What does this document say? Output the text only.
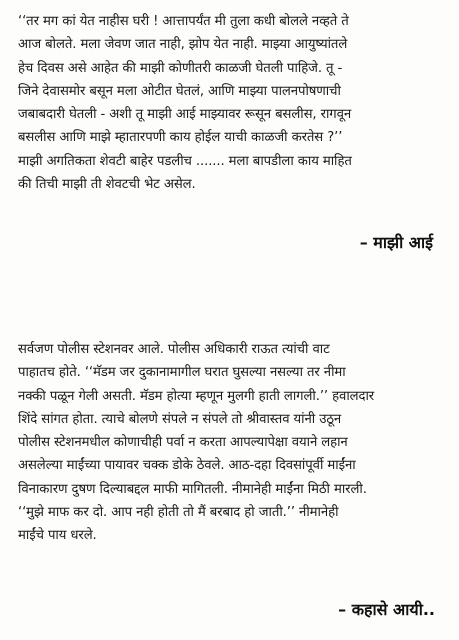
‘‘तर मग कां येत नाहीस घरी ! आत्तापर्यंत मी तुला कधी बोलले नव्हते ते
आज बोलते. मला जेवण जात नाही, झोप येत नाही. माझ्या आयुष्यांतले
हेच दिवस असे आहेत की माझी कोणीतरी काळजी घेतली पाहिजे. तू -
जिने देवासमोर बसून मला ओटीत घेतलं, आणि माझ्या पालनपोषणाची
जबाबदारी घेतली - अशी तू माझी आई माझ्यावर रूसून बसलीस, रागवून
बसलीस आणि माझे म्हातारपणी काय होईल याची काळजी करतेस ?’’
माझी अगतिकता शेवटी बाहेर पडलीच ....... मला बापडीला काय माहित
की तिची माझी ती शेवटची भेट असेल.
– माझी आई
सर्वजण पोलीस स्टेशनवर आले. पोलीस अधिकारी राऊत त्यांची वाट
पाहातच होते. ‘‘मॅडम जर दुकानामागील घरात घुसल्या नसल्या तर नीमा
नक्की पळून गेली असती. मॅडम होत्या म्हणून मुलगी हाती लागली.’’ हवालदार
शिंदे सांगत होता. त्याचे बोलणे संपले न संपले तो श्रीवास्तव यांनी उठून
पोलीस स्टेशनमधील कोणाचीही पर्वा न करता आपल्यापेक्षा वयाने लहान
असलेल्या माईंच्या पायावर चक्क डोके ठेवले. आठ-दहा दिवसांपूर्वी माईंना
विनाकारण दुषण दिल्याबद्दल माफी मागितली. नीमानेही माईंना मिठी मारली.
‘‘मुझे माफ कर दो. आप नही होती तो मैं बरबाद हो जाती.’’ नीमानेही
माईंचे पाय धरले.
– कहासे आयी..
